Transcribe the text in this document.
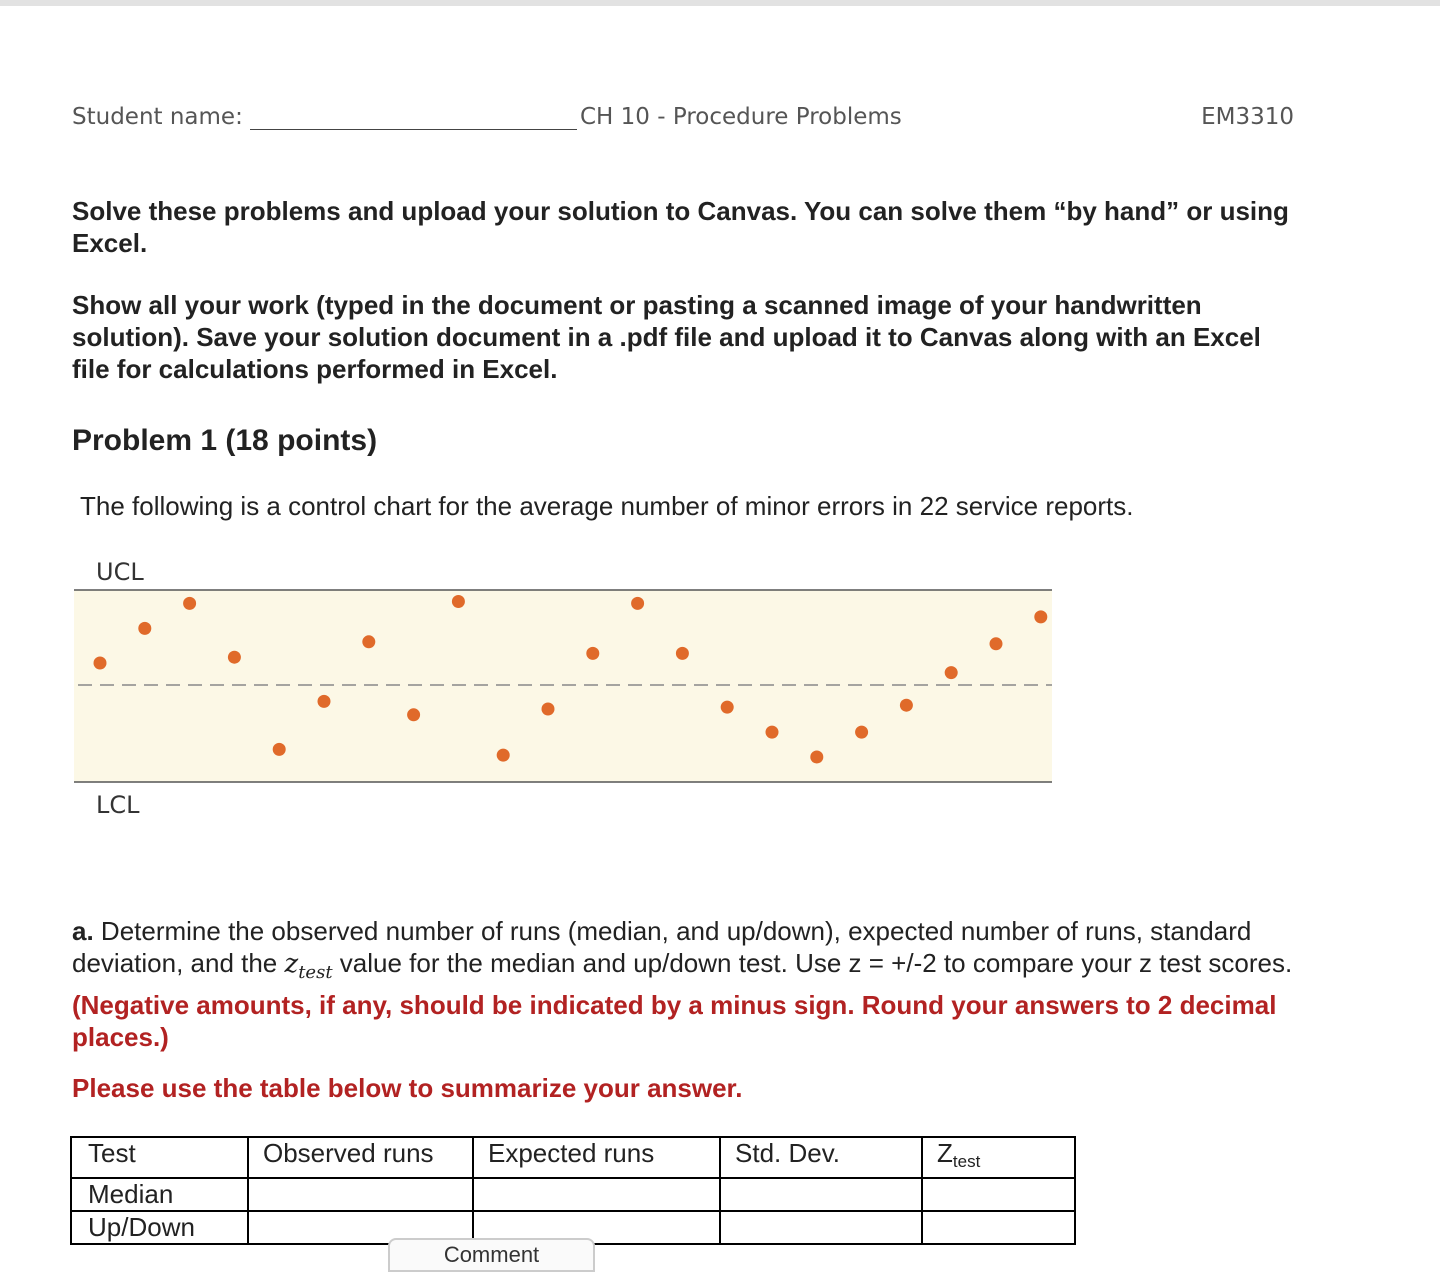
Student name:	CH 10 - Procedure Problems	EM3310

Solve these problems and upload your solution to Canvas. You can solve them “by hand” or using Excel.

Show all your work (typed in the document or pasting a scanned image of your handwritten solution). Save your solution document in a .pdf file and upload it to Canvas along with an Excel file for calculations performed in Excel.

Problem 1 (18 points)

The following is a control chart for the average number of minor errors in 22 service reports.

UCL
LCL

a. Determine the observed number of runs (median, and up/down), expected number of runs, standard deviation, and the $z_{test}$ value for the median and up/down test. Use z = +/-2 to compare your z test scores. (Negative amounts, if any, should be indicated by a minus sign. Round your answers to 2 decimal places.)

Please use the table below to summarize your answer.

Test	Observed runs	Expected runs	Std. Dev.	$Z_{test}$
Median				
Up/Down				
Comment
